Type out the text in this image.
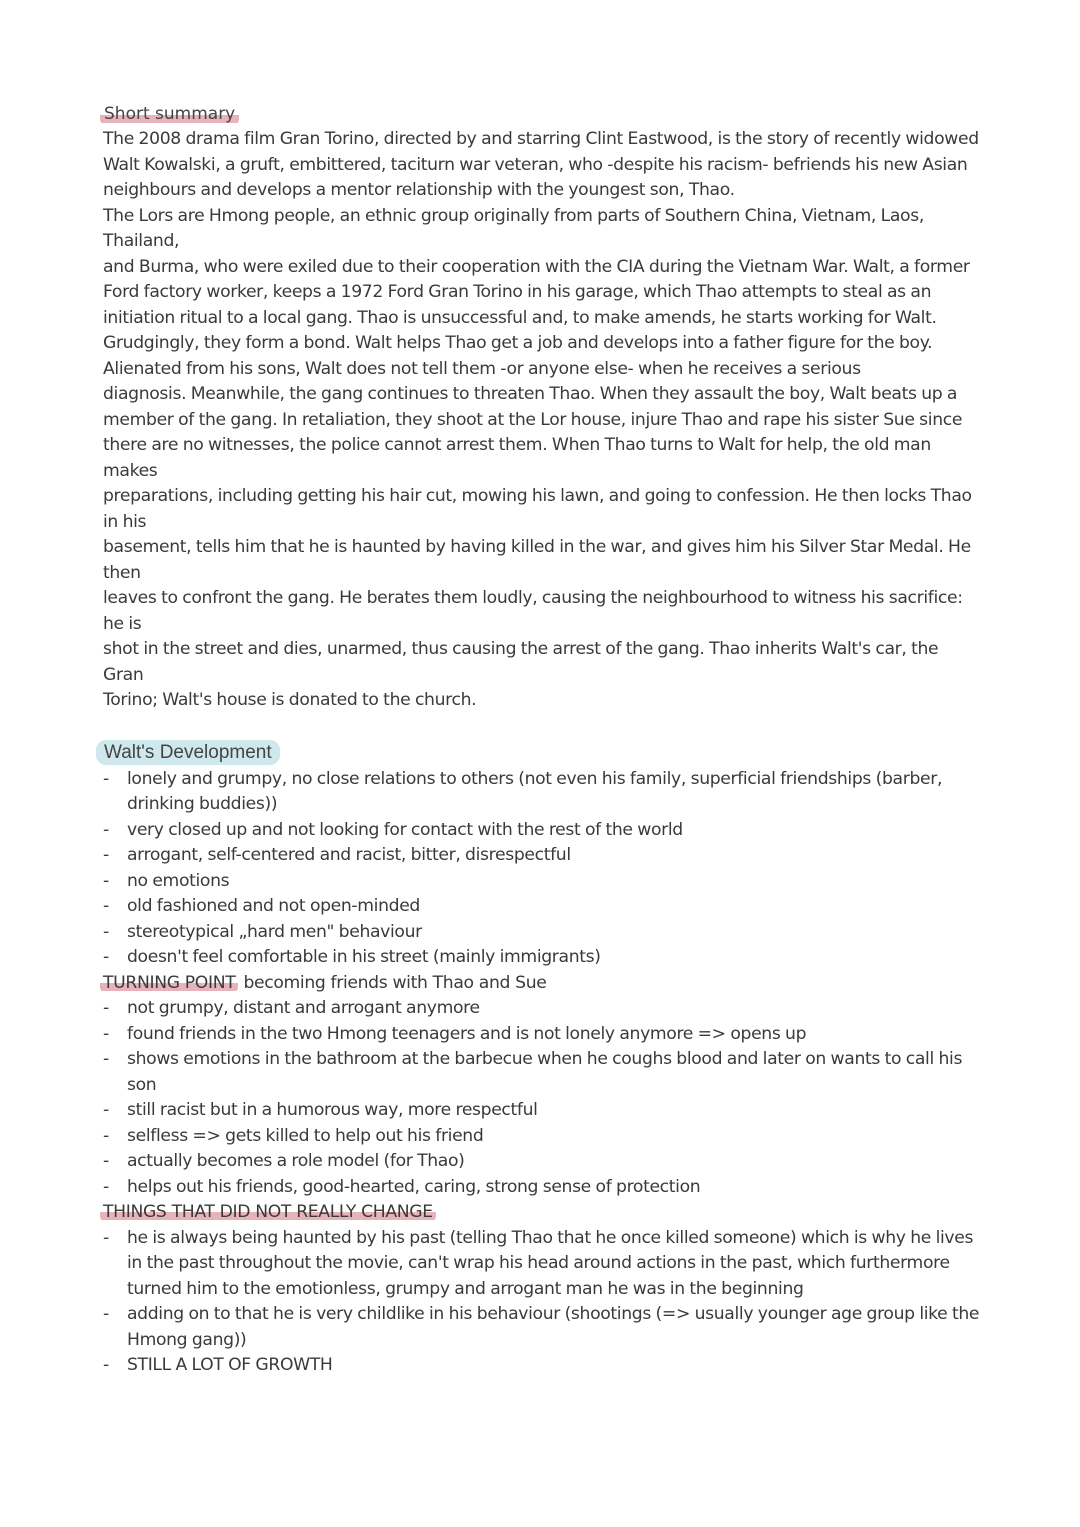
Short summary

The 2008 drama film Gran Torino, directed by and starring Clint Eastwood, is the story of recently widowed
Walt Kowalski, a gruft, embittered, taciturn war veteran, who -despite his racism- befriends his new Asian
neighbours and develops a mentor relationship with the youngest son, Thao.
The Lors are Hmong people, an ethnic group originally from parts of Southern China, Vietnam, Laos, Thailand,
and Burma, who were exiled due to their cooperation with the CIA during the Vietnam War. Walt, a former
Ford factory worker, keeps a 1972 Ford Gran Torino in his garage, which Thao attempts to steal as an
initiation ritual to a local gang. Thao is unsuccessful and, to make amends, he starts working for Walt.
Grudgingly, they form a bond. Walt helps Thao get a job and develops into a father figure for the boy.
Alienated from his sons, Walt does not tell them -or anyone else- when he receives a serious
diagnosis. Meanwhile, the gang continues to threaten Thao. When they assault the boy, Walt beats up a
member of the gang. In retaliation, they shoot at the Lor house, injure Thao and rape his sister Sue since
there are no witnesses, the police cannot arrest them. When Thao turns to Walt for help, the old man makes
preparations, including getting his hair cut, mowing his lawn, and going to confession. He then locks Thao in his
basement, tells him that he is haunted by having killed in the war, and gives him his Silver Star Medal. He then
leaves to confront the gang. He berates them loudly, causing the neighbourhood to witness his sacrifice: he is
shot in the street and dies, unarmed, thus causing the arrest of the gang. Thao inherits Walt's car, the Gran
Torino; Walt's house is donated to the church.

Walt's Development
- lonely and grumpy, no close relations to others (not even his family, superficial friendships (barber, drinking buddies))
- very closed up and not looking for contact with the rest of the world
- arrogant, self-centered and racist, bitter, disrespectful
- no emotions
- old fashioned and not open-minded
- stereotypical „hard men" behaviour
- doesn't feel comfortable in his street (mainly immigrants)
TURNING POINT becoming friends with Thao and Sue
- not grumpy, distant and arrogant anymore
- found friends in the two Hmong teenagers and is not lonely anymore => opens up
- shows emotions in the bathroom at the barbecue when he coughs blood and later on wants to call his son
- still racist but in a humorous way, more respectful
- selfless => gets killed to help out his friend
- actually becomes a role model (for Thao)
- helps out his friends, good-hearted, caring, strong sense of protection
THINGS THAT DID NOT REALLY CHANGE
- he is always being haunted by his past (telling Thao that he once killed someone) which is why he lives in the past throughout the movie, can't wrap his head around actions in the past, which furthermore turned him to the emotionless, grumpy and arrogant man he was in the beginning
- adding on to that he is very childlike in his behaviour (shootings (=> usually younger age group like the Hmong gang))
- STILL A LOT OF GROWTH
